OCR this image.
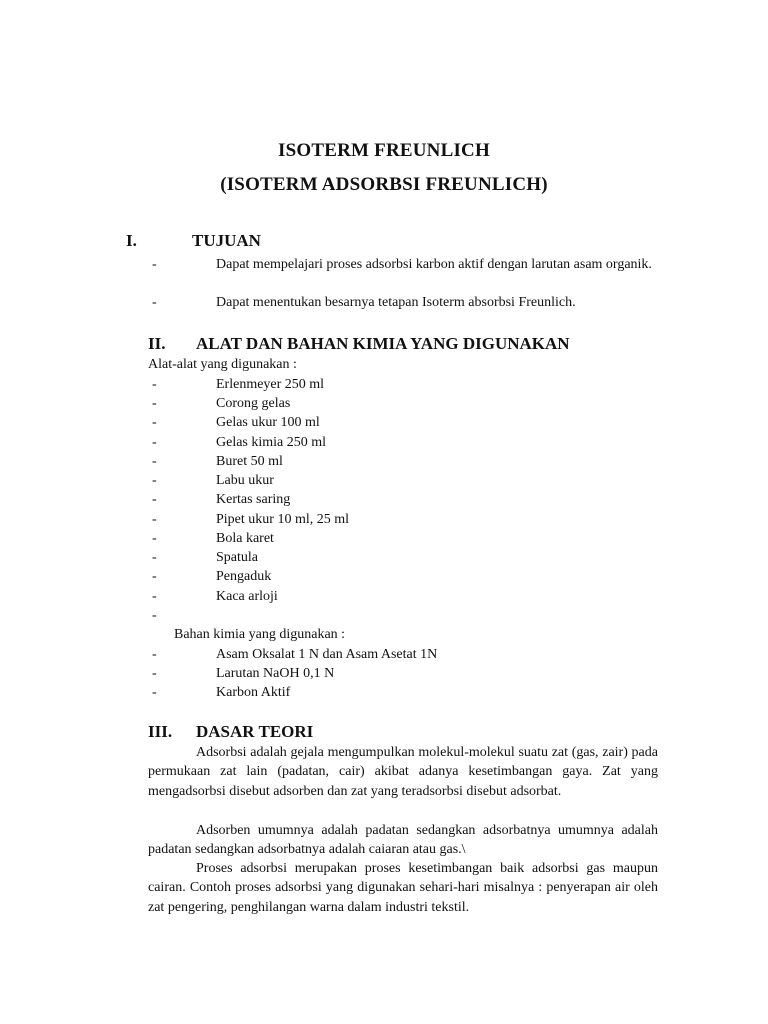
ISOTERM FREUNLICH
(ISOTERM ADSORBSI FREUNLICH)
I.	TUJUAN
-	Dapat mempelajari proses adsorbsi karbon aktif dengan larutan asam organik.
-	Dapat menentukan besarnya tetapan Isoterm absorbsi Freunlich.
II. ALAT DAN BAHAN KIMIA YANG DIGUNAKAN
Alat-alat yang digunakan :
-	Erlenmeyer 250 ml
-	Corong gelas
-	Gelas ukur 100 ml
-	Gelas kimia 250 ml
-	Buret 50 ml
-	Labu ukur
-	Kertas saring
-	Pipet ukur 10 ml, 25 ml
-	Bola karet
-	Spatula
-	Pengaduk
-	Kaca arloji
-
Bahan kimia yang digunakan :
-	Asam Oksalat 1 N dan Asam Asetat 1N
-	Larutan NaOH 0,1 N
-	Karbon Aktif
III. DASAR TEORI
Adsorbsi adalah gejala mengumpulkan molekul-molekul suatu zat (gas, zair) pada permukaan zat lain (padatan, cair) akibat adanya kesetimbangan gaya. Zat yang mengadsorbsi disebut adsorben dan zat yang teradsorbsi disebut adsorbat.
Adsorben umumnya adalah padatan sedangkan adsorbatnya umumnya adalah padatan sedangkan adsorbatnya adalah caiaran atau gas.\
Proses adsorbsi merupakan proses kesetimbangan baik adsorbsi gas maupun cairan. Contoh proses adsorbsi yang digunakan sehari-hari misalnya : penyerapan air oleh zat pengering, penghilangan warna dalam industri tekstil.
